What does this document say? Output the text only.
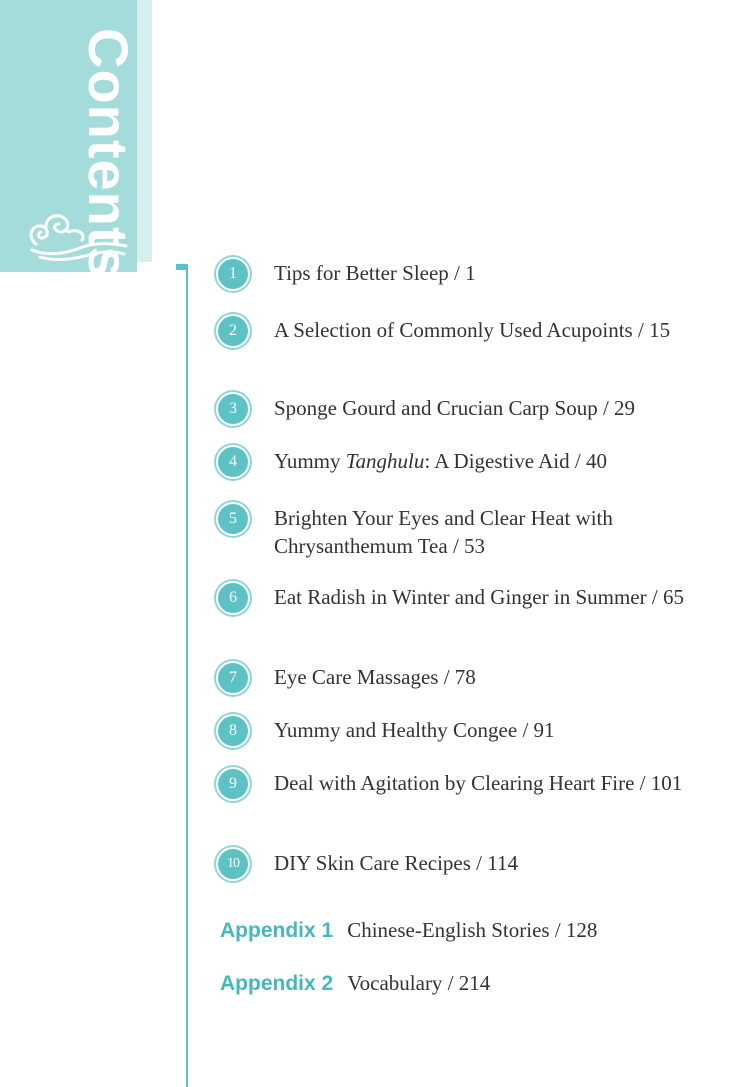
Contents	1	Tips for Better Sleep / 1
2	A Selection of Commonly Used Acupoints / 15
3	Sponge Gourd and Crucian Carp Soup / 29
4	Yummy Tanghulu: A Digestive Aid / 40
5	Brighten Your Eyes and Clear Heat with Chrysanthemum Tea / 53
6	Eat Radish in Winter and Ginger in Summer / 65
7	Eye Care Massages / 78
8	Yummy and Healthy Congee / 91
9	Deal with Agitation by Clearing Heart Fire / 101
10	DIY Skin Care Recipes / 114
Appendix 1 Chinese-English Stories / 128
Appendix 2 Vocabulary / 214
